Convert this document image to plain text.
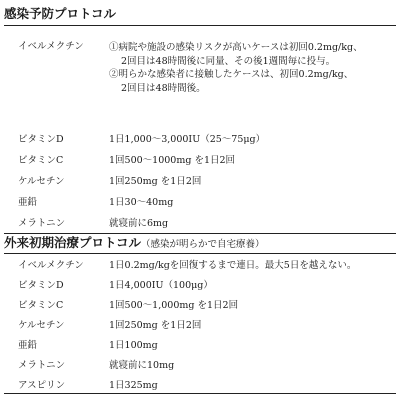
感染予防プロトコル
イベルメクチン	①病院や施設の感染リスクが高いケースは初回0.2mg/kg、
2回目は48時間後に同量、その後1週間毎に投与。
②明らかな感染者に接触したケースは、初回0.2mg/kg、
2回目は48時間後。
ビタミンD	1日1,000～3,000IU（25～75μg）
ビタミンC	1回500～1000mg を1日2回
ケルセチン	1回250mg を1日2回
亜鉛	1日30～40mg
メラトニン	就寝前に6mg
外来初期治療プロトコル（感染が明らかで自宅療養）
イベルメクチン	1日0.2mg/kgを回復するまで連日。最大5日を越えない。
ビタミンD	1日4,000IU（100μg）
ビタミンC	1回500～1,000mg を1日2回
ケルセチン	1回250mg を1日2回
亜鉛	1日100mg
メラトニン	就寝前に10mg
アスピリン	1日325mg
